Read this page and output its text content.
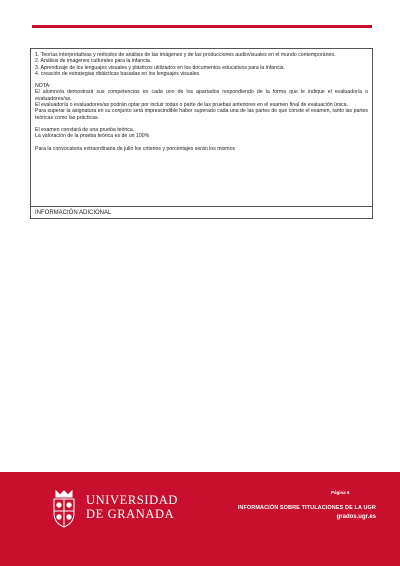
1. Teorías interpretativas y métodos de análisis de las imágenes y de las producciones audiovisuales en el mundo contemporáneo.

2. Análisis de imágenes culturales para la infancia.

3. Aprendizaje de los lenguajes visuales y plásticos utilizados en los documentos educativos para la infancia.

4. creación de estrategias didácticas basadas en los lenguajes visuales.

NOTA:

El alumno/a demostrará sus competencias en cada uno de los apartados respondiendo de la forma que le indique el evaluador/a o evaluadores/as.

El evaluador/a o evaluadores/as podrán optar por incluir todas o parte de las pruebas anteriores en el examen final de evaluación única.

Para superar la asignatura en su conjunto será imprescindible haber superado cada una de las partes de que conste el examen, tanto las partes teóricas como las prácticas.

El examen constará de una prueba teórica.

La valoración de la prueba teórica es de un 100%

Para la convocatoria extraordinaria de julio los criterios y porcentajes serán los mismos

INFORMACIÓN ADICIONAL
UNIVERSIDAD
DE GRANADA
Página 6
INFORMACIÓN SOBRE TITULACIONES DE LA UGR
grados.ugr.es
